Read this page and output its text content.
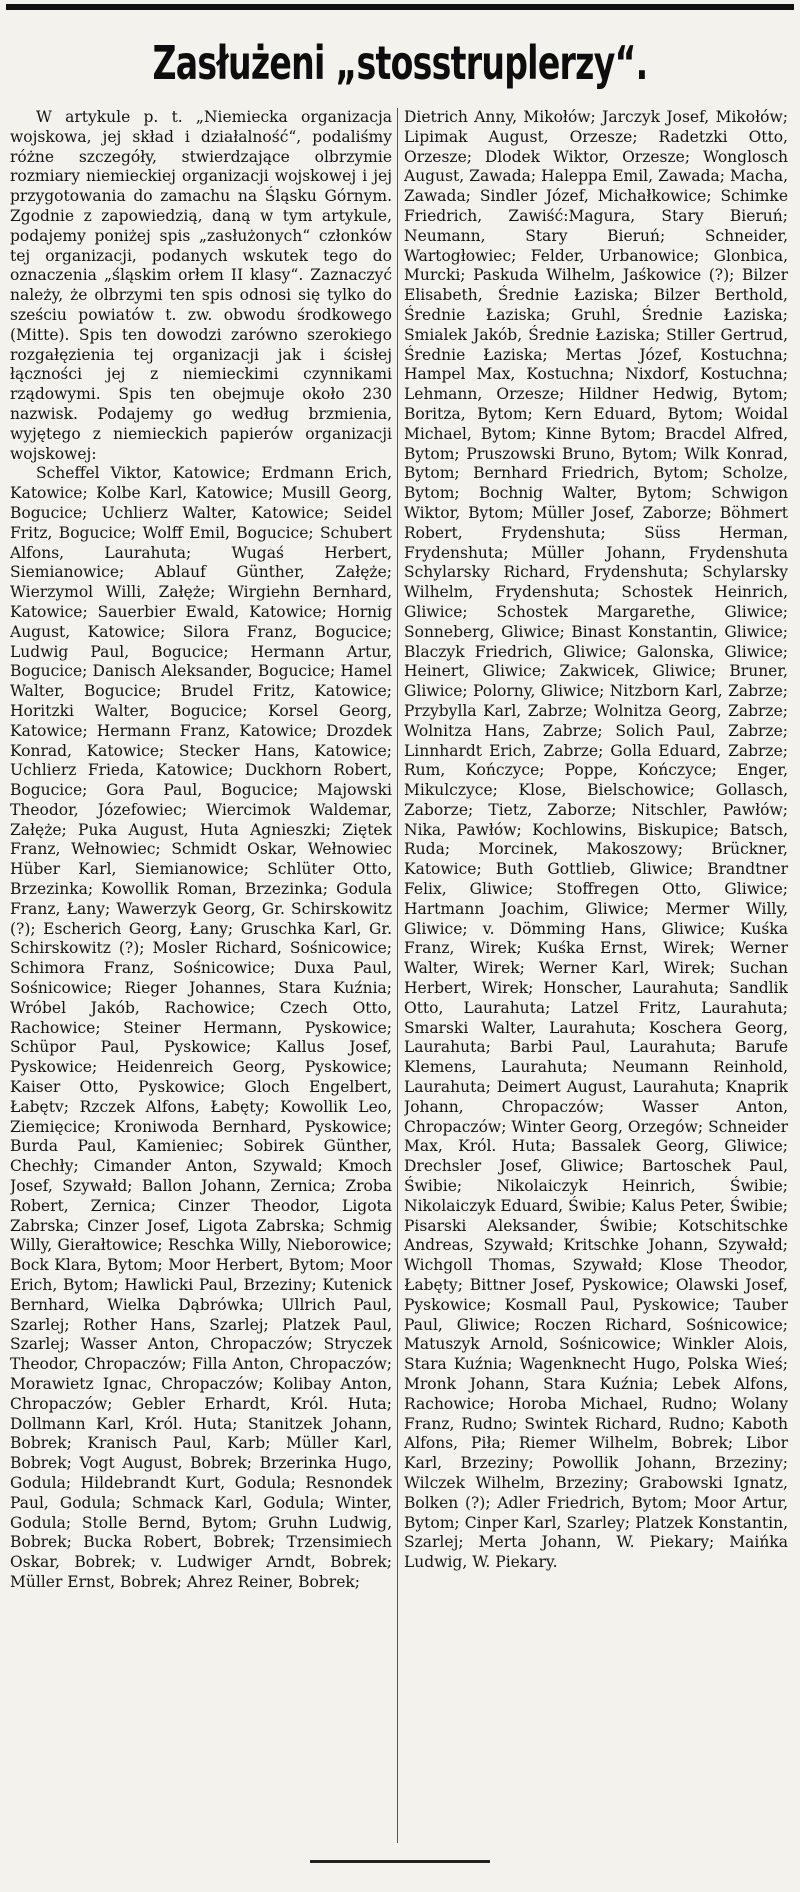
Zasłużeni „stosstruplerzy“.

W artykule p. t. „Niemiecka organizacja wojskowa, jej skład i działalność“, podaliśmy różne szczegóły, stwierdzające olbrzymie rozmiary niemieckiej organizacji wojskowej i jej przygotowania do zamachu na Śląsku Górnym. Zgodnie z zapowiedzią, daną w tym artykule, podajemy poniżej spis „zasłużonych“ członków tej organizacji, podanych wskutek tego do oznaczenia „śląskim orłem II klasy“. Zaznaczyć należy, że olbrzymi ten spis odnosi się tylko do sześciu powiatów t. zw. obwodu środkowego (Mitte). Spis ten dowodzi zarówno szerokiego rozgałęzienia tej organizacji jak i ścisłej łączności jej z niemieckimi czynnikami rządowymi. Spis ten obejmuje około 230 nazwisk. Podajemy go według brzmienia, wyjętego z niemieckich papierów organizacji wojskowej:

Scheffel Viktor, Katowice; Erdmann Erich, Katowice; Kolbe Karl, Katowice; Musill Georg, Bogucice; Uchlierz Walter, Katowice; Seidel Fritz, Bogucice; Wolff Emil, Bogucice; Schubert Alfons, Laurahuta; Wugaś Herbert, Siemianowice; Ablauf Günther, Załęże; Wierzymol Willi, Załęże; Wirgiehn Bernhard, Katowice; Sauerbier Ewald, Katowice; Hornig August, Katowice; Silora Franz, Bogucice; Ludwig Paul, Bogucice; Hermann Artur, Bogucice; Danisch Aleksander, Bogucice; Hamel Walter, Bogucice; Brudel Fritz, Katowice; Horitzki Walter, Bogucice; Korsel Georg, Katowice; Hermann Franz, Katowice; Drozdek Konrad, Katowice; Stecker Hans, Katowice; Uchlierz Frieda, Katowice; Duckhorn Robert, Bogucice; Gora Paul, Bogucice; Majowski Theodor, Józefowiec; Wiercimok Waldemar, Załęże; Puka August, Huta Agnieszki; Ziętek Franz, Wełnowiec; Schmidt Oskar, Wełnowiec Hüber Karl, Siemianowice; Schlüter Otto, Brzezinka; Kowollik Roman, Brzezinka; Godula Franz, Łany; Wawerzyk Georg, Gr. Schirskowitz (?); Escherich Georg, Łany; Gruschka Karl, Gr. Schirskowitz (?); Mosler Richard, Sośnicowice; Schimora Franz, Sośnicowice; Duxa Paul, Sośnicowice; Rieger Johannes, Stara Kuźnia; Wróbel Jakób, Rachowice; Czech Otto, Rachowice; Steiner Hermann, Pyskowice; Schüpor Paul, Pyskowice; Kallus Josef, Pyskowice; Heidenreich Georg, Pyskowice; Kaiser Otto, Pyskowice; Gloch Engelbert, Łabętv; Rzczek Alfons, Łabęty; Kowollik Leo, Ziemięcice; Kroniwoda Bernhard, Pyskowice; Burda Paul, Kamieniec; Sobirek Günther, Chechły; Cimander Anton, Szywald; Kmoch Josef, Szywałd; Ballon Johann, Zernica; Zroba Robert, Zernica; Cinzer Theodor, Ligota Zabrska; Cinzer Josef, Ligota Zabrska; Schmig Willy, Gierałtowice; Reschka Willy, Nieborowice; Bock Klara, Bytom; Moor Herbert, Bytom; Moor Erich, Bytom; Hawlicki Paul, Brzeziny; Kutenick Bernhard, Wielka Dąbrówka; Ullrich Paul, Szarlej; Rother Hans, Szarlej; Platzek Paul, Szarlej; Wasser Anton, Chropaczów; Stryczek Theodor, Chropaczów; Filla Anton, Chropaczów; Morawietz Ignac, Chropaczów; Kolibay Anton, Chropaczów; Gebler Erhardt, Król. Huta; Dollmann Karl, Król. Huta; Stanitzek Johann, Bobrek; Kranisch Paul, Karb; Müller Karl, Bobrek; Vogt August, Bobrek; Brzerinka Hugo, Godula; Hildebrandt Kurt, Godula; Resnondek Paul, Godula; Schmack Karl, Godula; Winter, Godula; Stolle Bernd, Bytom; Gruhn Ludwig, Bobrek; Bucka Robert, Bobrek; Trzensimiech Oskar, Bobrek; v. Ludwiger Arndt, Bobrek; Müller Ernst, Bobrek; Ahrez Reiner, Bobrek;

Dietrich Anny, Mikołów; Jarczyk Josef, Mikołów; Lipimak August, Orzesze; Radetzki Otto, Orzesze; Dlodek Wiktor, Orzesze; Wonglosch August, Zawada; Haleppa Emil, Zawada; Macha, Zawada; Sindler Józef, Michałkowice; Schimke Friedrich, Zawiść:Magura, Stary Bieruń; Neumann, Stary Bieruń; Schneider, Wartogłowiec; Felder, Urbanowice; Glonbica, Murcki; Paskuda Wilhelm, Jaśkowice (?); Bilzer Elisabeth, Średnie Łaziska; Bilzer Berthold, Średnie Łaziska; Gruhl, Średnie Łaziska; Smialek Jakób, Średnie Łaziska; Stiller Gertrud, Średnie Łaziska; Mertas Józef, Kostuchna; Hampel Max, Kostuchna; Nixdorf, Kostuchna; Lehmann, Orzesze; Hildner Hedwig, Bytom; Boritza, Bytom; Kern Eduard, Bytom; Woidal Michael, Bytom; Kinne Bytom; Bracdel Alfred, Bytom; Pruszowski Bruno, Bytom; Wilk Konrad, Bytom; Bernhard Friedrich, Bytom; Scholze, Bytom; Bochnig Walter, Bytom; Schwigon Wiktor, Bytom; Müller Josef, Zaborze; Böhmert Robert, Frydenshuta; Süss Herman, Frydenshuta; Müller Johann, Frydenshuta Schylarsky Richard, Frydenshuta; Schylarsky Wilhelm, Frydenshuta; Schostek Heinrich, Gliwice; Schostek Margarethe, Gliwice; Sonneberg, Gliwice; Binast Konstantin, Gliwice; Blaczyk Friedrich, Gliwice; Galonska, Gliwice; Heinert, Gliwice; Zakwicek, Gliwice; Bruner, Gliwice; Polorny, Gliwice; Nitzborn Karl, Zabrze; Przybylla Karl, Zabrze; Wolnitza Georg, Zabrze; Wolnitza Hans, Zabrze; Solich Paul, Zabrze; Linnhardt Erich, Zabrze; Golla Eduard, Zabrze; Rum, Kończyce; Poppe, Kończyce; Enger, Mikulczyce; Klose, Bielschowice; Gollasch, Zaborze; Tietz, Zaborze; Nitschler, Pawłów; Nika, Pawłów; Kochlowins, Biskupice; Batsch, Ruda; Morcinek, Makoszowy; Brückner, Katowice; Buth Gottlieb, Gliwice; Brandtner Felix, Gliwice; Stoffregen Otto, Gliwice; Hartmann Joachim, Gliwice; Mermer Willy, Gliwice; v. Dömming Hans, Gliwice; Kuśka Franz, Wirek; Kuśka Ernst, Wirek; Werner Walter, Wirek; Werner Karl, Wirek; Suchan Herbert, Wirek; Honscher, Laurahuta; Sandlik Otto, Laurahuta; Latzel Fritz, Laurahuta; Smarski Walter, Laurahuta; Koschera Georg, Laurahuta; Barbi Paul, Laurahuta; Barufe Klemens, Laurahuta; Neumann Reinhold, Laurahuta; Deimert August, Laurahuta; Knaprik Johann, Chropaczów; Wasser Anton, Chropaczów; Winter Georg, Orzegów; Schneider Max, Król. Huta; Bassalek Georg, Gliwice; Drechsler Josef, Gliwice; Bartoschek Paul, Świbie; Nikolaiczyk Heinrich, Świbie; Nikolaiczyk Eduard, Świbie; Kalus Peter, Świbie; Pisarski Aleksander, Świbie; Kotschitschke Andreas, Szywałd; Kritschke Johann, Szywałd; Wichgoll Thomas, Szywałd; Klose Theodor, Łabęty; Bittner Josef, Pyskowice; Olawski Josef, Pyskowice; Kosmall Paul, Pyskowice; Tauber Paul, Gliwice; Roczen Richard, Sośnicowice; Matuszyk Arnold, Sośnicowice; Winkler Alois, Stara Kuźnia; Wagenknecht Hugo, Polska Wieś; Mronk Johann, Stara Kuźnia; Lebek Alfons, Rachowice; Horoba Michael, Rudno; Wolany Franz, Rudno; Swintek Richard, Rudno; Kaboth Alfons, Piła; Riemer Wilhelm, Bobrek; Libor Karl, Brzeziny; Powollik Johann, Brzeziny; Wilczek Wilhelm, Brzeziny; Grabowski Ignatz, Bolken (?); Adler Friedrich, Bytom; Moor Artur, Bytom; Cinper Karl, Szarley; Platzek Konstantin, Szarlej; Merta Johann, W. Piekary; Maińka Ludwig, W. Piekary.
